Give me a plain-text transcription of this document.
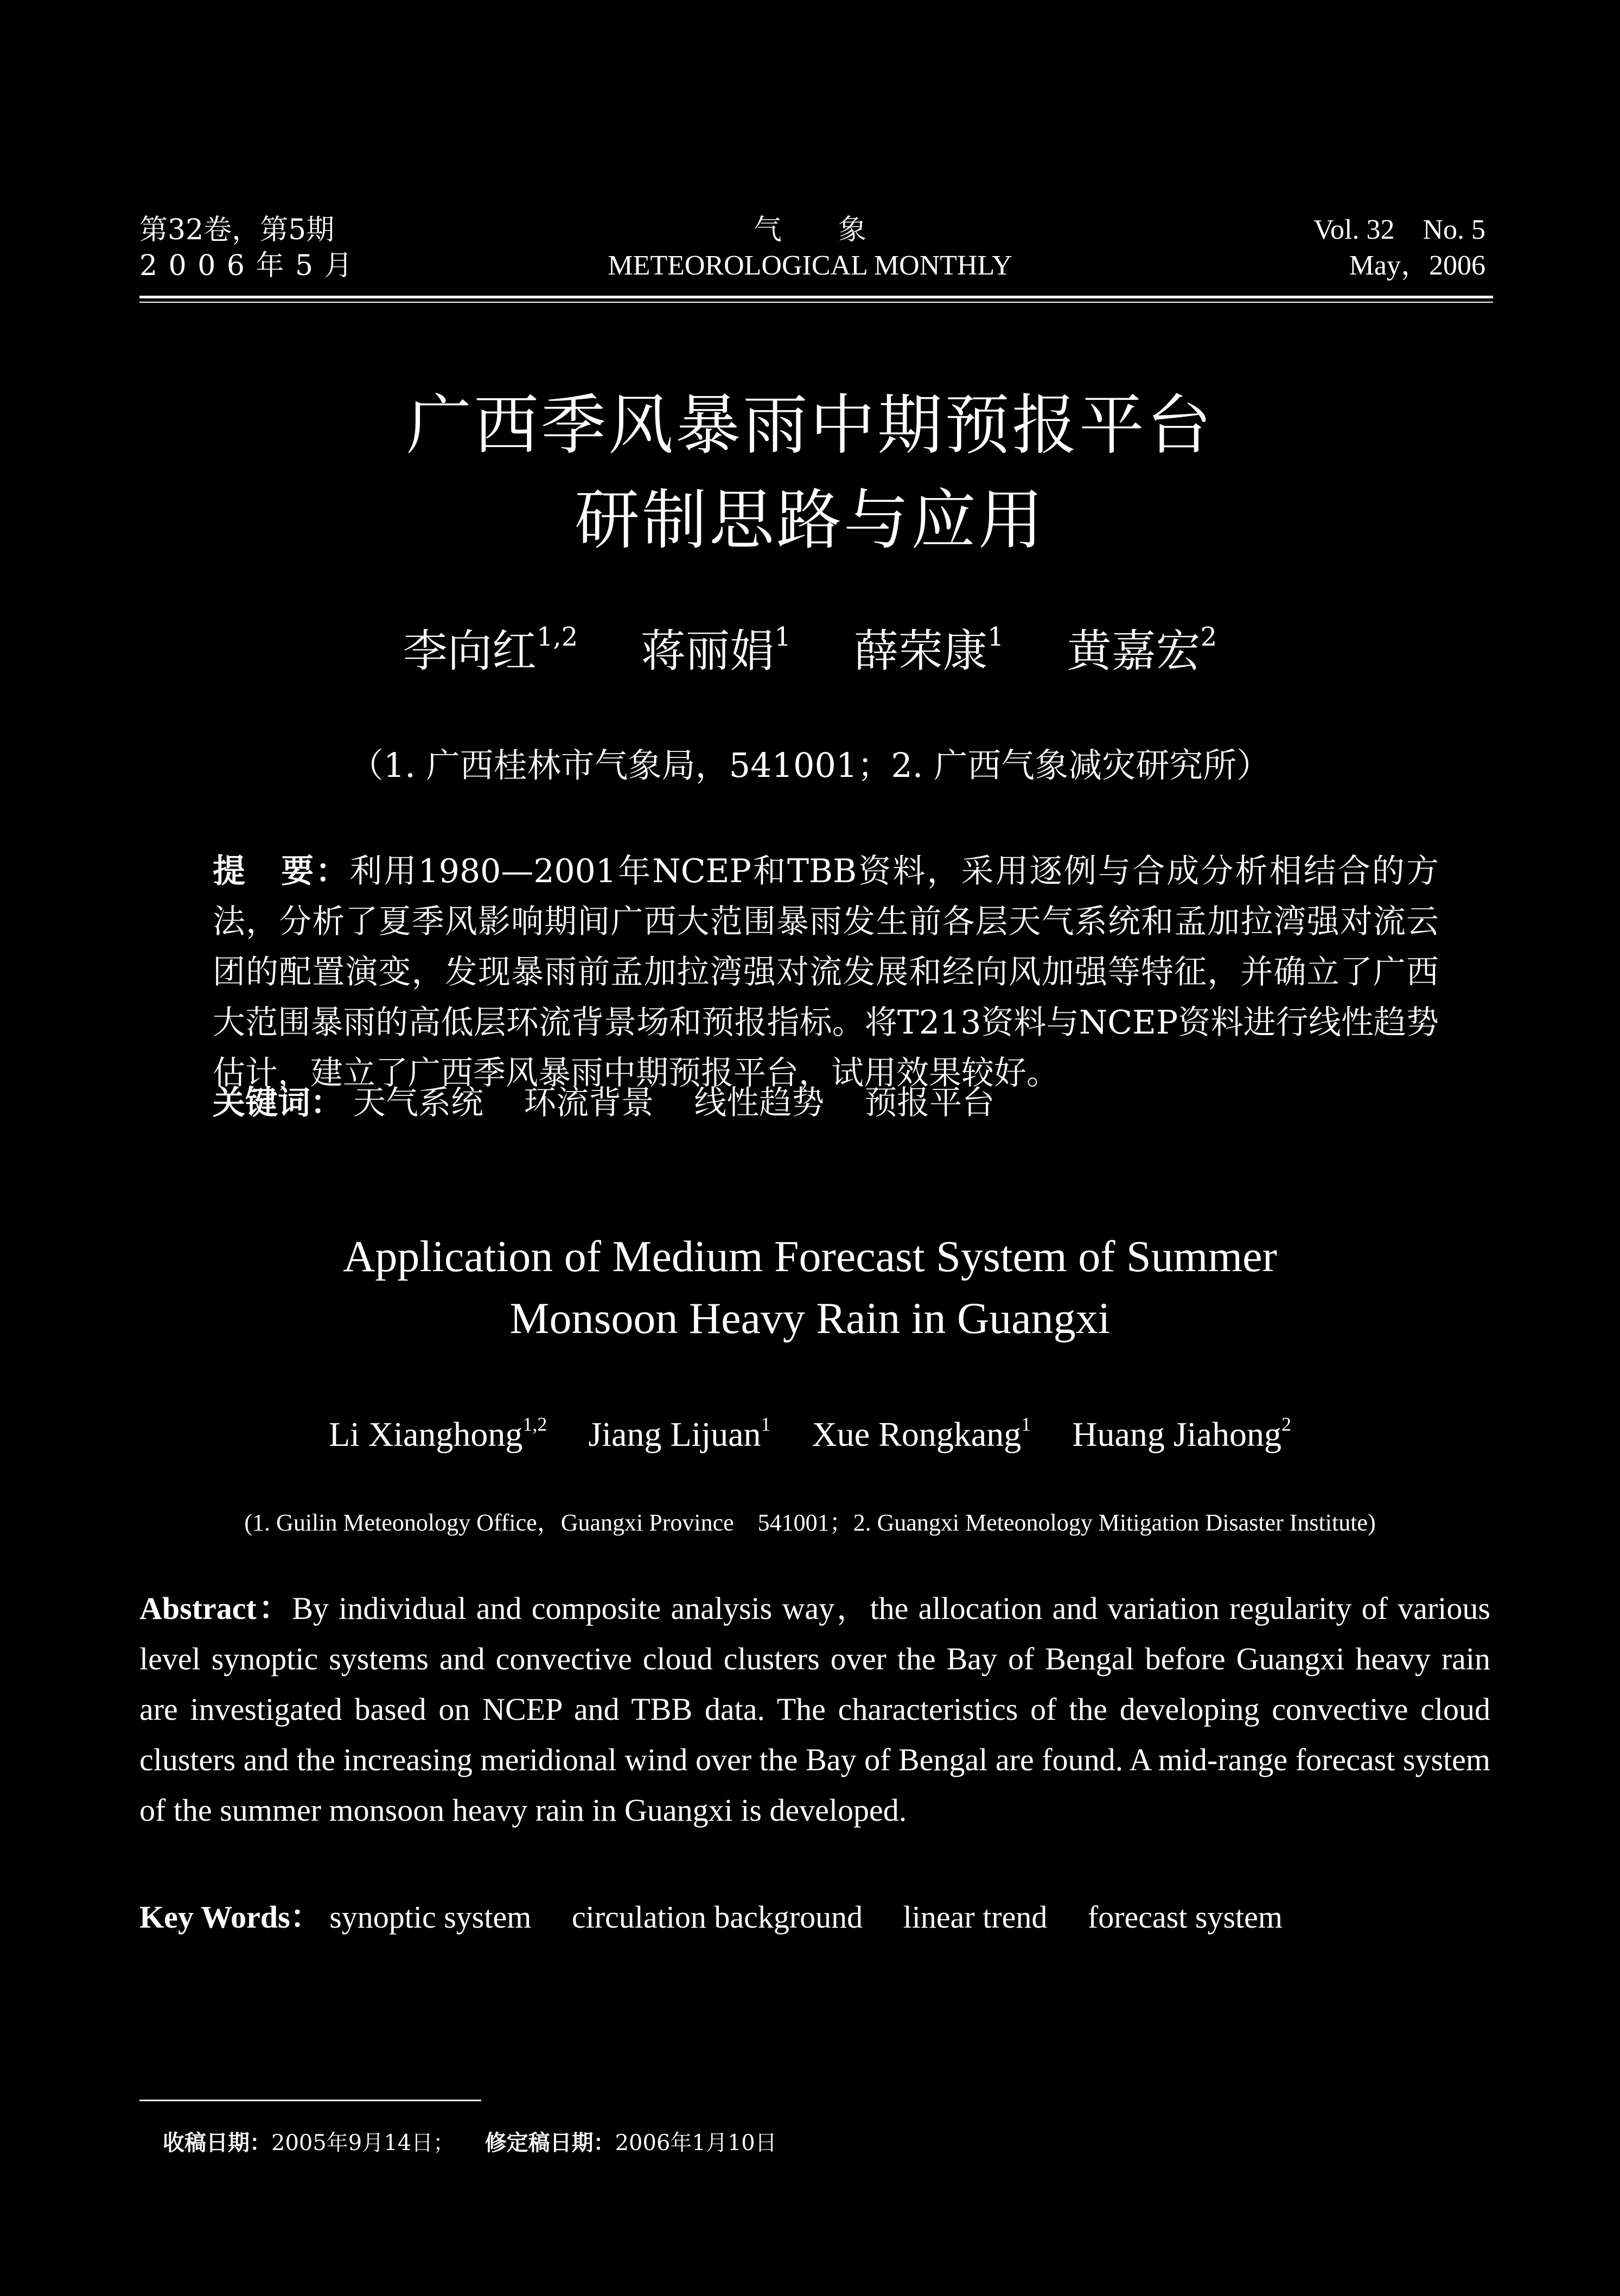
第32卷，第5期
2 0 0 6 年 5 月
气　　象
METEOROLOGICAL MONTHLY
Vol. 32　No. 5
May，2006
广西季风暴雨中期预报平台
研制思路与应用
李向红$^{1,2}$ 蒋丽娟$^1$ 薛荣康$^1$ 黄嘉宏$^2$
（1. 广西桂林市气象局，541001；2. 广西气象减灾研究所）
提　要：利用1980—2001年NCEP和TBB资料，采用逐例与合成分析相结合的方法，分析了夏季风影响期间广西大范围暴雨发生前各层天气系统和孟加拉湾强对流云团的配置演变，发现暴雨前孟加拉湾强对流发展和经向风加强等特征，并确立了广西大范围暴雨的高低层环流背景场和预报指标。将T213资料与NCEP资料进行线性趋势估计，建立了广西季风暴雨中期预报平台，试用效果较好。
关键词： 天气系统 环流背景 线性趋势 预报平台
Application of Medium Forecast System of Summer
Monsoon Heavy Rain in Guangxi
Li Xianghong$^{1,2}$ Jiang Lijuan$^1$ Xue Rongkang$^1$ Huang Jiahong$^2$
(1. Guilin Meteonology Office，Guangxi Province　541001；2. Guangxi Meteonology Mitigation Disaster Institute)
Abstract：By individual and composite analysis way，the allocation and variation regularity of various level synoptic systems and convective cloud clusters over the Bay of Bengal before Guangxi heavy rain are investigated based on NCEP and TBB data. The characteristics of the developing convective cloud clusters and the increasing meridional wind over the Bay of Bengal are found. A mid-range forecast system of the summer monsoon heavy rain in Guangxi is developed.
Key Words： synoptic system circulation background linear trend forecast system
收稿日期：2005年9月14日； 修定稿日期：2006年1月10日
